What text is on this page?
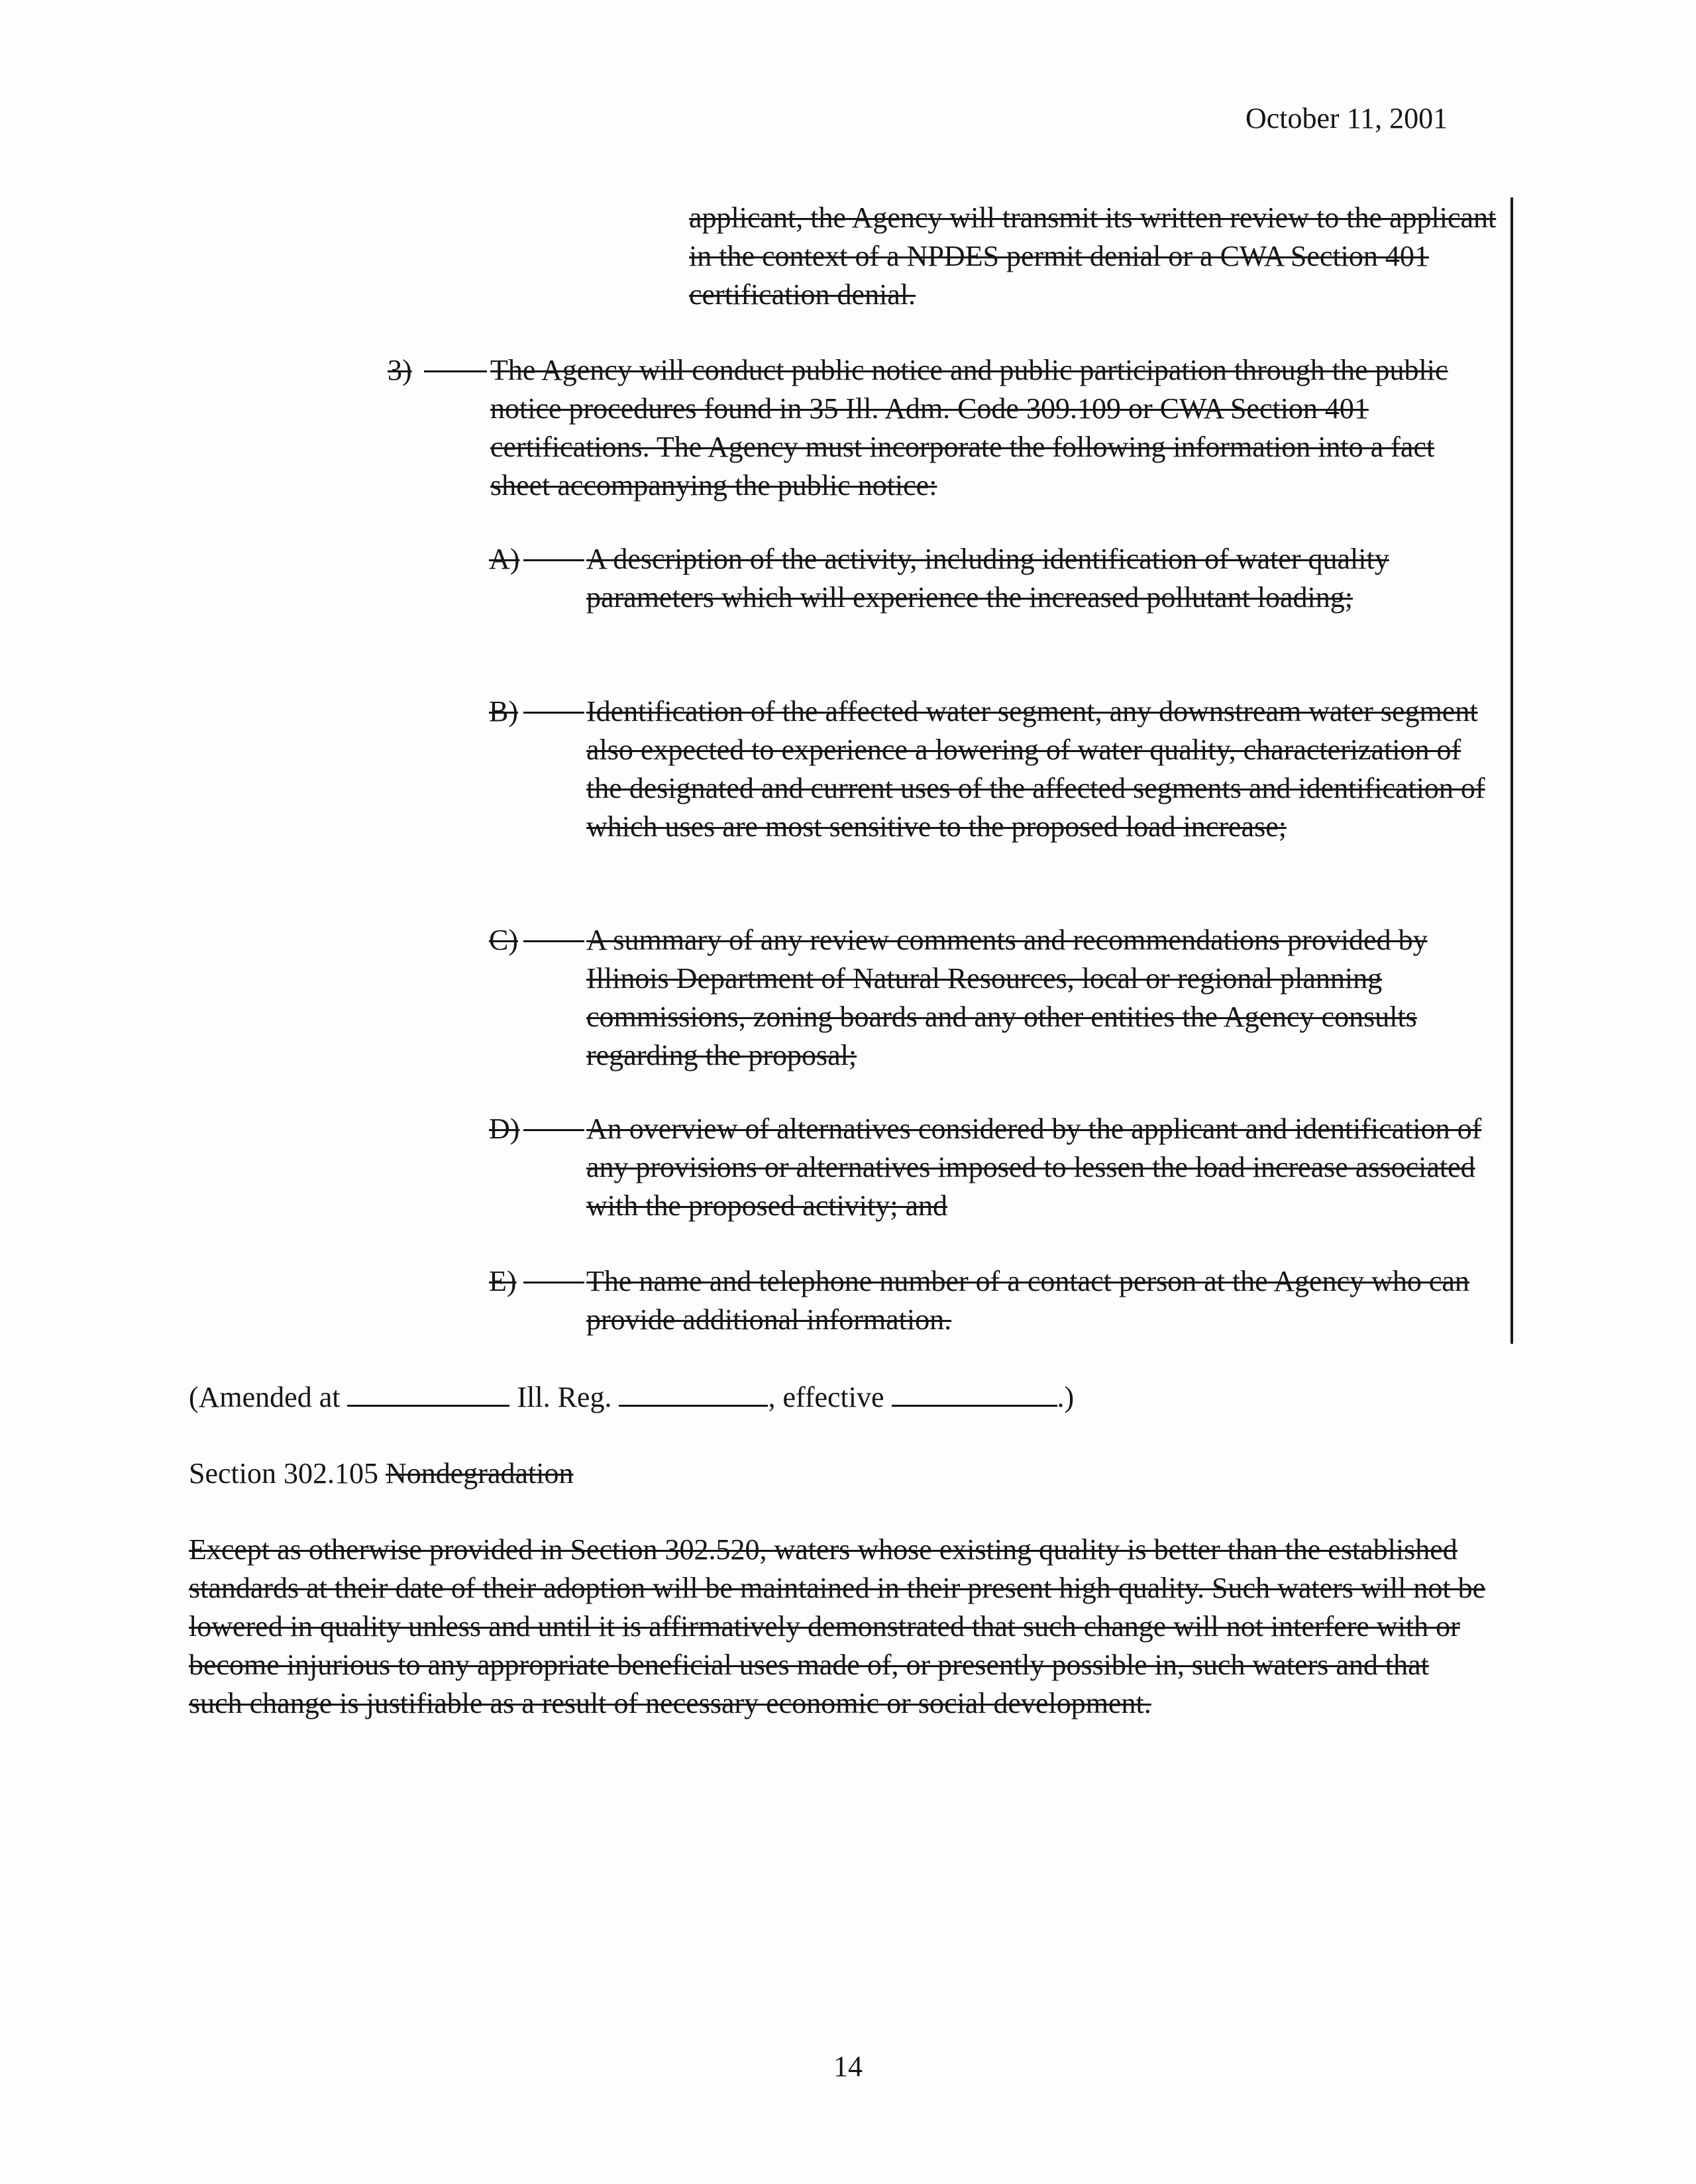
October 11, 2001
applicant, the Agency will transmit its written review to the applicant in the context of a NPDES permit denial or a CWA Section 401 certification denial.
3)	The Agency will conduct public notice and public participation through the public notice procedures found in 35 Ill. Adm. Code 309.109 or CWA Section 401 certifications. The Agency must incorporate the following information into a fact sheet accompanying the public notice:
A) A description of the activity, including identification of water quality parameters which will experience the increased pollutant loading;
B) Identification of the affected water segment, any downstream water segment also expected to experience a lowering of water quality, characterization of the designated and current uses of the affected segments and identification of which uses are most sensitive to the proposed load increase;
C) A summary of any review comments and recommendations provided by Illinois Department of Natural Resources, local or regional planning commissions, zoning boards and any other entities the Agency consults regarding the proposal;
D) An overview of alternatives considered by the applicant and identification of any provisions or alternatives imposed to lessen the load increase associated with the proposed activity; and
E) The name and telephone number of a contact person at the Agency who can provide additional information.
(Amended at	Ill. Reg.	, effective	.)
Section 302.105 Nondegradation
Except as otherwise provided in Section 302.520, waters whose existing quality is better than the established standards at their date of their adoption will be maintained in their present high quality. Such waters will not be lowered in quality unless and until it is affirmatively demonstrated that such change will not interfere with or become injurious to any appropriate beneficial uses made of, or presently possible in, such waters and that such change is justifiable as a result of necessary economic or social development.
14
